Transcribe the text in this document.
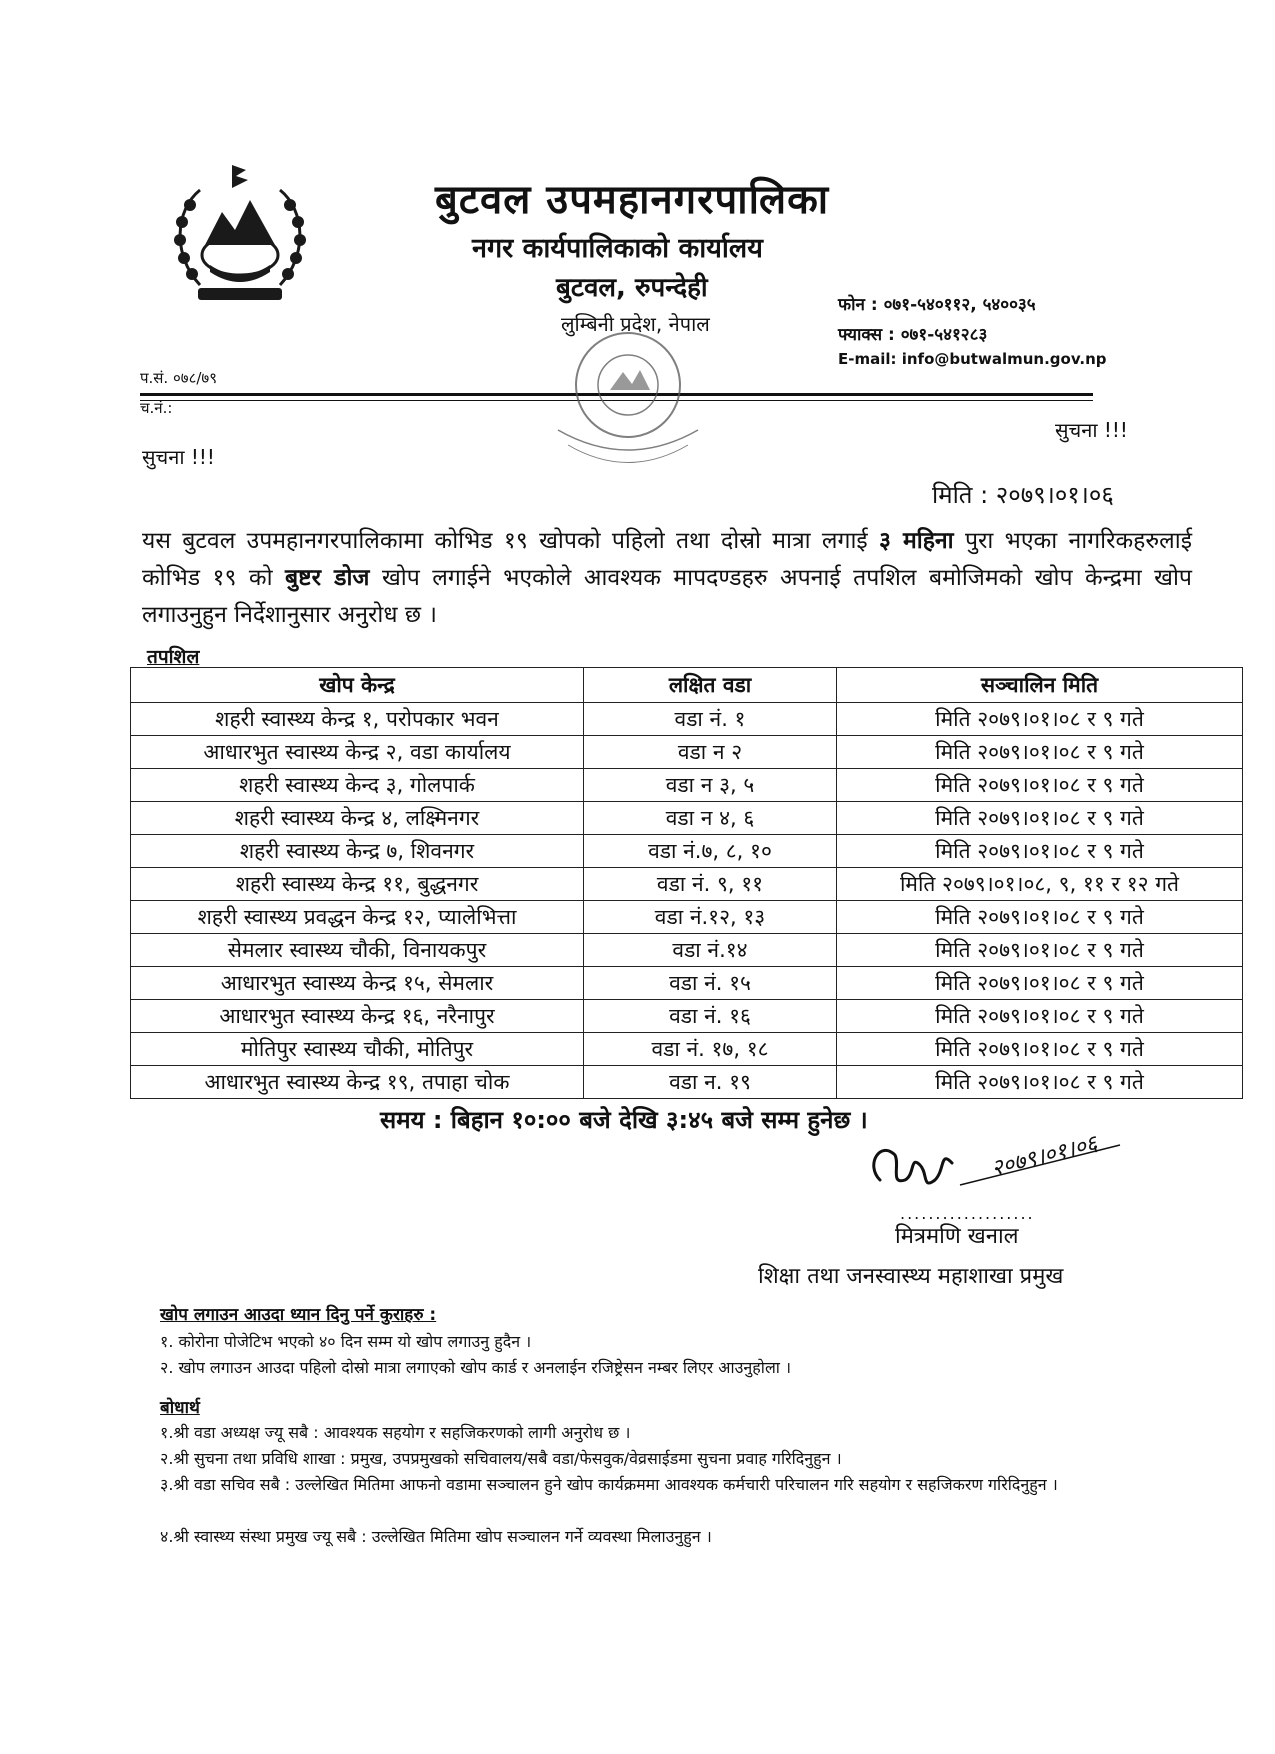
बुटवल उपमहानगरपालिका
नगर कार्यपालिकाको कार्यालय
बुटवल, रुपन्देही
लुम्बिनी प्रदेश, नेपाल
फोन : ०७१-५४०११२, ५४००३५
फ्याक्स : ०७१-५४१२८३
E-mail: info@butwalmun.gov.np
प.सं. ०७८/७९
च.नं.:
सुचना !!!
सुचना !!!
मिति : २०७९।०१।०६
यस बुटवल उपमहानगरपालिकामा कोभिड १९ खोपको पहिलो तथा दोस्रो मात्रा लगाई ३ महिना पुरा भएका नागरिकहरुलाई कोभिड १९ को बुष्टर डोज खोप लगाईने भएकोले आवश्यक मापदण्डहरु अपनाई तपशिल बमोजिमको खोप केन्द्रमा खोप लगाउनुहुन निर्देशानुसार अनुरोध छ ।
तपशिल
खोप केन्द्र	लक्षित वडा	सञ्चालिन मिति
शहरी स्वास्थ्य केन्द्र १, परोपकार भवन	वडा नं. १	मिति २०७९।०१।०८ र ९ गते
आधारभुत स्वास्थ्य केन्द्र २, वडा कार्यालय	वडा न २	मिति २०७९।०१।०८ र ९ गते
शहरी स्वास्थ्य केन्द ३, गोलपार्क	वडा न ३, ५	मिति २०७९।०१।०८ र ९ गते
शहरी स्वास्थ्य केन्द्र ४, लक्ष्मिनगर	वडा न ४, ६	मिति २०७९।०१।०८ र ९ गते
शहरी स्वास्थ्य केन्द्र ७, शिवनगर	वडा नं.७, ८, १०	मिति २०७९।०१।०८ र ९ गते
शहरी स्वास्थ्य केन्द्र ११, बुद्धनगर	वडा नं. ९, ११	मिति २०७९।०१।०८, ९, ११ र १२ गते
शहरी स्वास्थ्य प्रवद्धन केन्द्र १२, प्यालेभित्ता	वडा नं.१२, १३	मिति २०७९।०१।०८ र ९ गते
सेमलार स्वास्थ्य चौकी, विनायकपुर	वडा नं.१४	मिति २०७९।०१।०८ र ९ गते
आधारभुत स्वास्थ्य केन्द्र १५, सेमलार	वडा नं. १५	मिति २०७९।०१।०८ र ९ गते
आधारभुत स्वास्थ्य केन्द्र १६, नरैनापुर	वडा नं. १६	मिति २०७९।०१।०८ र ९ गते
मोतिपुर स्वास्थ्य चौकी, मोतिपुर	वडा नं. १७, १८	मिति २०७९।०१।०८ र ९ गते
आधारभुत स्वास्थ्य केन्द्र १९, तपाहा चोक	वडा न. १९	मिति २०७९।०१।०८ र ९ गते
समय : बिहान १०:०० बजे देखि ३:४५ बजे सम्म हुनेछ ।
२०७९।०१।०६
...................
मित्रमणि खनाल
शिक्षा तथा जनस्वास्थ्य महाशाखा प्रमुख
खोप लगाउन आउदा ध्यान दिनु पर्ने कुराहरु :
१. कोरोना पोजेटिभ भएको ४० दिन सम्म यो खोप लगाउनु हुदैन ।
२. खोप लगाउन आउदा पहिलो दोस्रो मात्रा लगाएको खोप कार्ड र अनलाईन रजिष्ट्रेसन नम्बर लिएर आउनुहोला ।
बोधार्थ
१.श्री वडा अध्यक्ष ज्यू सबै : आवश्यक सहयोग र सहजिकरणको लागी अनुरोध छ ।
२.श्री सुचना तथा प्रविधि शाखा : प्रमुख, उपप्रमुखको सचिवालय/सबै वडा/फेसवुक/वेव्रसाईडमा सुचना प्रवाह गरिदिनुहुन ।
३.श्री वडा सचिव सबै : उल्लेखित मितिमा आफनो वडामा सञ्चालन हुने खोप कार्यक्रममा आवश्यक कर्मचारी परिचालन गरि सहयोग र सहजिकरण गरिदिनुहुन ।
४.श्री स्वास्थ्य संस्था प्रमुख ज्यू सबै : उल्लेखित मितिमा खोप सञ्चालन गर्ने व्यवस्था मिलाउनुहुन ।
